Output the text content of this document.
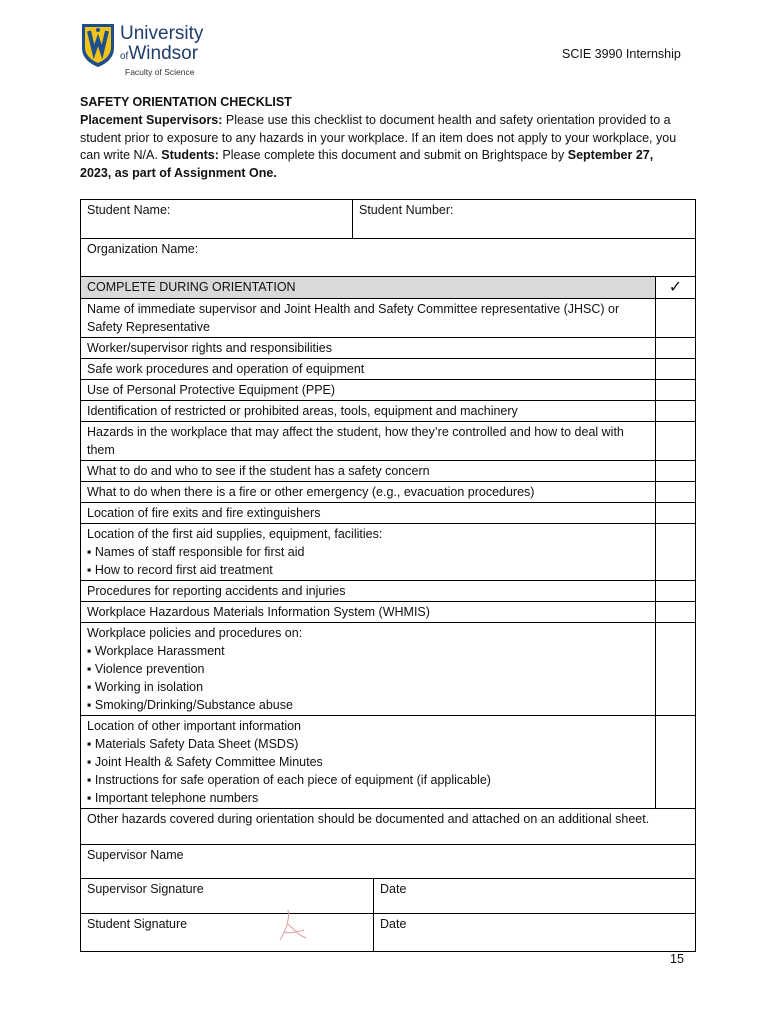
University
ofWindsor
Faculty of Science
SCIE 3990 Internship
SAFETY ORIENTATION CHECKLIST
Placement Supervisors: Please use this checklist to document health and safety orientation provided to a student prior to exposure to any hazards in your workplace. If an item does not apply to your workplace, you can write N/A. Students: Please complete this document and submit on Brightspace by September 27, 2023, as part of Assignment One.
Student Name:	Student Number:		
Organization Name:			
COMPLETE DURING ORIENTATION			✓

Name of immediate supervisor and Joint Health and Safety Committee representative (JHSC) or Safety Representative			

Worker/supervisor rights and responsibilities			

Safe work procedures and operation of equipment			

Use of Personal Protective Equipment (PPE)			

Identification of restricted or prohibited areas, tools, equipment and machinery			

Hazards in the workplace that may affect the student, how they’re controlled and how to deal with them			

What to do and who to see if the student has a safety concern			

What to do when there is a fire or other emergency (e.g., evacuation procedures)			

Location of fire exits and fire extinguishers			

Location of the first aid supplies, equipment, facilities:
▪ Names of staff responsible for first aid
▪ How to record first aid treatment			

Procedures for reporting accidents and injuries			

Workplace Hazardous Materials Information System (WHMIS)			

Workplace policies and procedures on:
▪ Workplace Harassment
▪ Violence prevention
▪ Working in isolation
▪ Smoking/Drinking/Substance abuse			

Location of other important information
▪ Materials Safety Data Sheet (MSDS)
▪ Joint Health & Safety Committee Minutes
▪ Instructions for safe operation of each piece of equipment (if applicable)
▪ Important telephone numbers			

Other hazards covered during orientation should be documented and attached on an additional sheet.			
Supervisor Name			
Supervisor Signature		Date	
Student Signature		Date	
15
